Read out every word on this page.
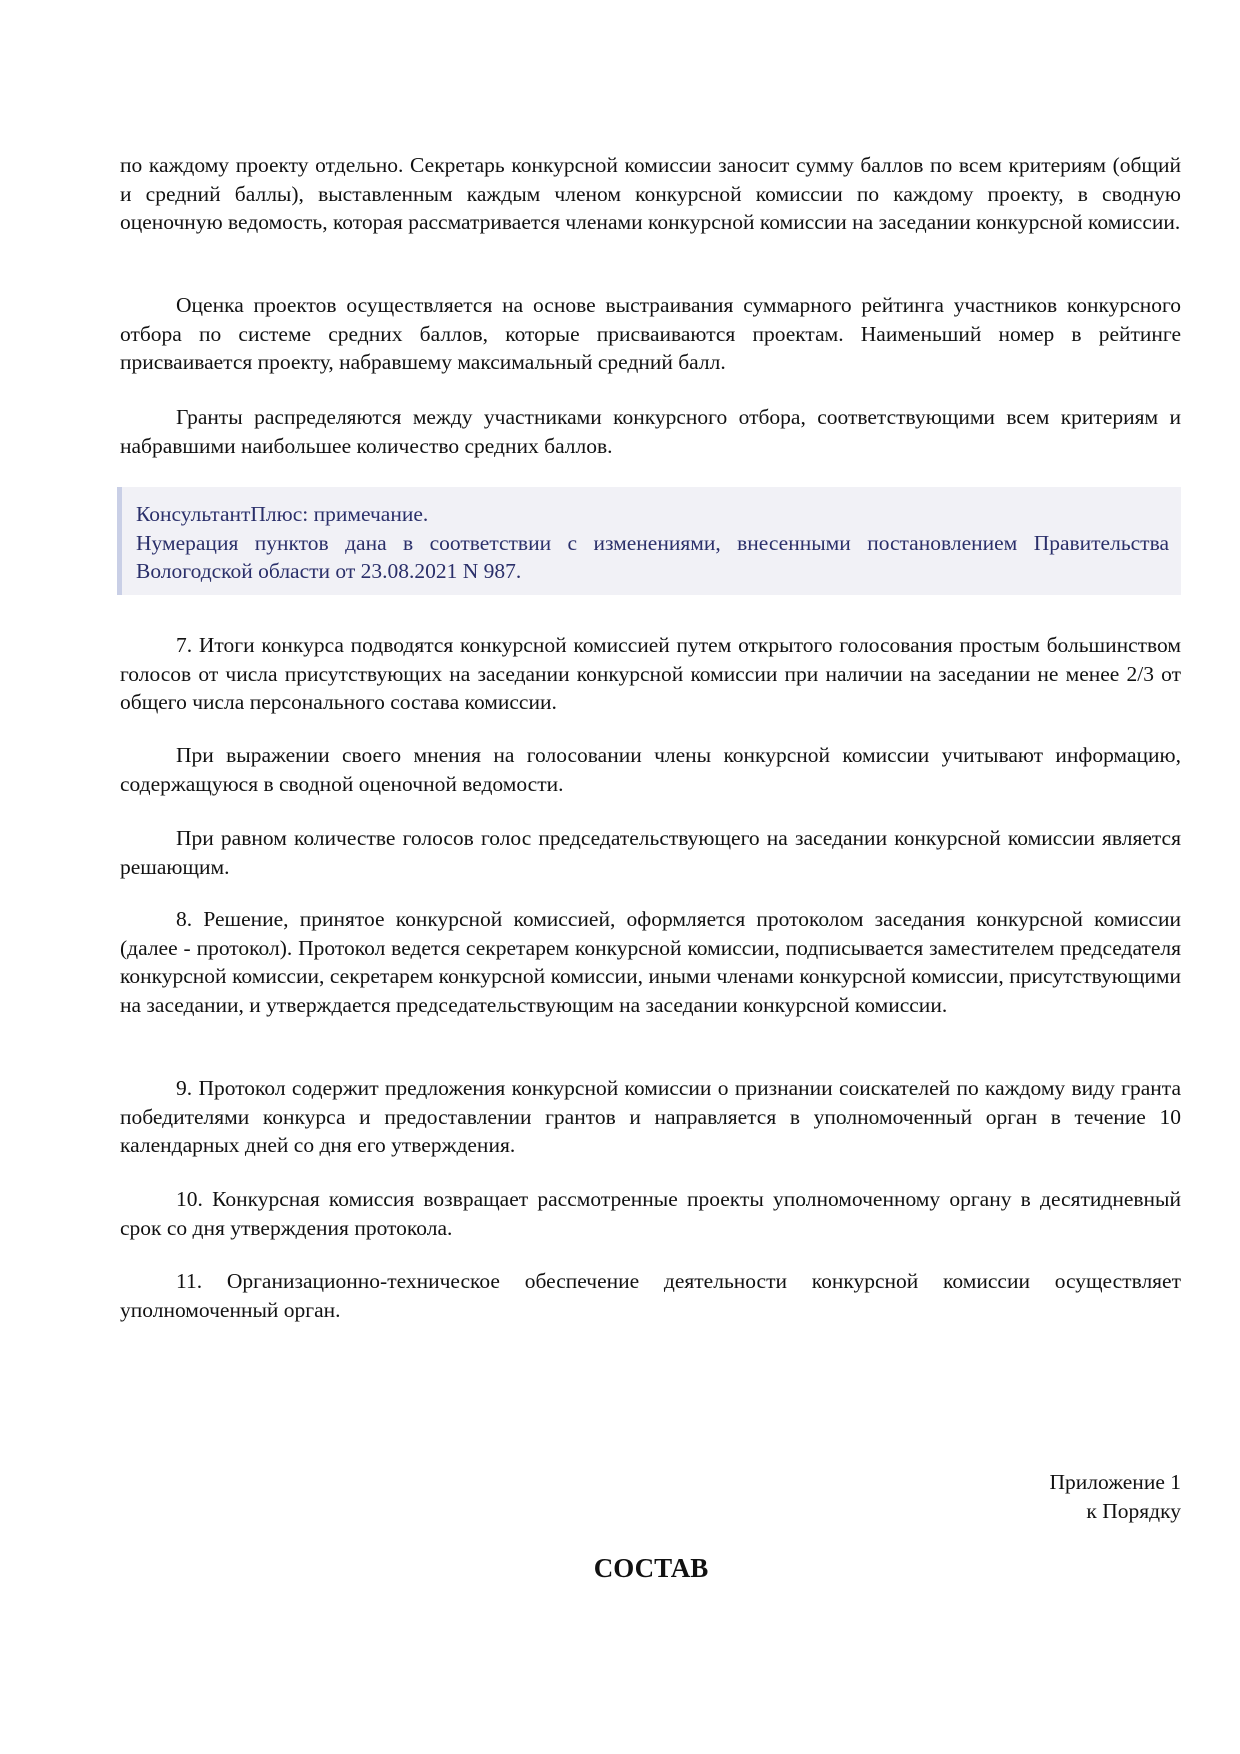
по каждому проекту отдельно. Секретарь конкурсной комиссии заносит сумму баллов по всем критериям (общий и средний баллы), выставленным каждым членом конкурсной комиссии по каждому проекту, в сводную оценочную ведомость, которая рассматривается членами конкурсной комиссии на заседании конкурсной комиссии.

Оценка проектов осуществляется на основе выстраивания суммарного рейтинга участников конкурсного отбора по системе средних баллов, которые присваиваются проектам. Наименьший номер в рейтинге присваивается проекту, набравшему максимальный средний балл.

Гранты распределяются между участниками конкурсного отбора, соответствующими всем критериям и набравшими наибольшее количество средних баллов.

КонсультантПлюс: примечание.
Нумерация пунктов дана в соответствии с изменениями, внесенными постановлением Правительства Вологодской области от 23.08.2021 N 987.

7. Итоги конкурса подводятся конкурсной комиссией путем открытого голосования простым большинством голосов от числа присутствующих на заседании конкурсной комиссии при наличии на заседании не менее 2/3 от общего числа персонального состава комиссии.

При выражении своего мнения на голосовании члены конкурсной комиссии учитывают информацию, содержащуюся в сводной оценочной ведомости.

При равном количестве голосов голос председательствующего на заседании конкурсной комиссии является решающим.

8. Решение, принятое конкурсной комиссией, оформляется протоколом заседания конкурсной комиссии (далее - протокол). Протокол ведется секретарем конкурсной комиссии, подписывается заместителем председателя конкурсной комиссии, секретарем конкурсной комиссии, иными членами конкурсной комиссии, присутствующими на заседании, и утверждается председательствующим на заседании конкурсной комиссии.

9. Протокол содержит предложения конкурсной комиссии о признании соискателей по каждому виду гранта победителями конкурса и предоставлении грантов и направляется в уполномоченный орган в течение 10 календарных дней со дня его утверждения.

10. Конкурсная комиссия возвращает рассмотренные проекты уполномоченному органу в десятидневный срок со дня утверждения протокола.

11. Организационно-техническое обеспечение деятельности конкурсной комиссии осуществляет уполномоченный орган.

Приложение 1
к Порядку
СОСТАВ
